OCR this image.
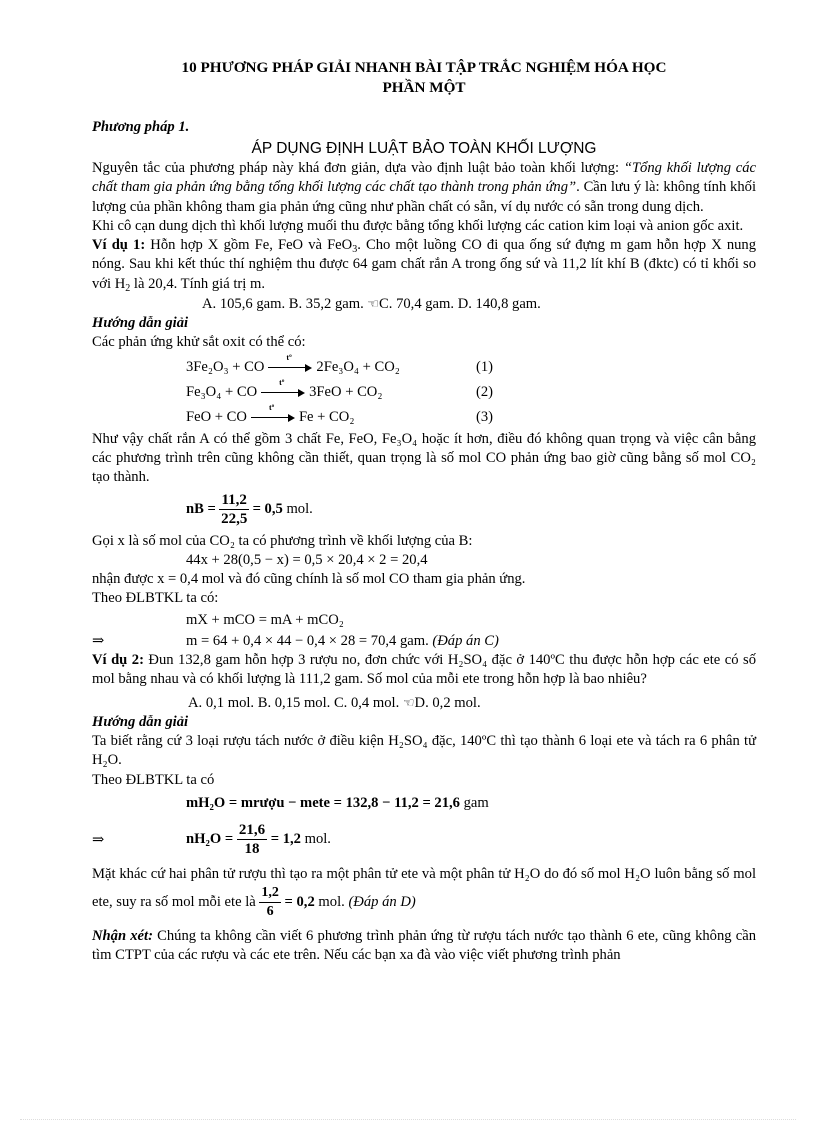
10 PHƯƠNG PHÁP GIẢI NHANH BÀI TẬP TRẮC NGHIỆM HÓA HỌC
PHẦN MỘT
Phương pháp 1.
ÁP DỤNG ĐỊNH LUẬT BẢO TOÀN KHỐI LƯỢNG
Nguyên tắc của phương pháp này khá đơn giản, dựa vào định luật bảo toàn khối lượng: “Tổng khối lượng các chất tham gia phản ứng bằng tổng khối lượng các chất tạo thành trong phản ứng”. Cần lưu ý là: không tính khối lượng của phần không tham gia phản ứng cũng như phần chất có sẵn, ví dụ nước có sẵn trong dung dịch.
Khi cô cạn dung dịch thì khối lượng muối thu được bằng tổng khối lượng các cation kim loại và anion gốc axit.
Ví dụ 1: Hỗn hợp X gồm Fe, FeO và FeO$_3$. Cho một luồng CO đi qua ống sứ đựng m gam hỗn hợp X nung nóng. Sau khi kết thúc thí nghiệm thu được 64 gam chất rắn A trong ống sứ và 11,2 lít khí B (đktc) có tỉ khối so với $H_2$ là 20,4. Tính giá trị m.
A. 105,6 gam. B. 35,2 gam. ☜C. 70,4 gam. D. 140,8 gam.
Hướng dẫn giải
Các phản ứng khử sắt oxit có thể có:
3Fe₂O₃ + CO
tº
2Fe₃O₄ + CO₂	(1)
Fe₃O₄ + CO
tº
3FeO + CO₂	(2)
FeO + CO
tº
Fe + CO₂	(3)
Như vậy chất rắn A có thể gồm 3 chất Fe, FeO, Fe₃O₄ hoặc ít hơn, điều đó không quan trọng và việc cân bằng các phương trình trên cũng không cần thiết, quan trọng là số mol CO phản ứng bao giờ cũng bằng số mol CO₂ tạo thành.
nB =
$\frac{11,2}{22,5}$
= 0,5
mol.
Gọi x là số mol của CO₂ ta có phương trình về khối lượng của B:
44x + 28(0,5 − x) = 0,5 × 20,4 × 2 = 20,4
nhận được x = 0,4 mol và đó cũng chính là số mol CO tham gia phản ứng.
Theo ĐLBTKL ta có:
mX + mCO = mA + mCO₂
⇒	m = 64 + 0,4 × 44 − 0,4 × 28 = 70,4 gam. (Đáp án C)
Ví dụ 2: Đun 132,8 gam hỗn hợp 3 rượu no, đơn chức với H₂SO₄ đặc ở 140ºC thu được hỗn hợp các ete có số mol bằng nhau và có khối lượng là 111,2 gam. Số mol của mỗi ete trong hỗn hợp là bao nhiêu?
A. 0,1 mol. B. 0,15 mol. C. 0,4 mol. ☜D. 0,2 mol.
Hướng dẫn giải
Ta biết rằng cứ 3 loại rượu tách nước ở điều kiện H₂SO₄ đặc, 140ºC thì tạo thành 6 loại ete và tách ra 6 phân tử H₂O.
Theo ĐLBTKL ta có
mH₂O = mrượu − mete = 132,8 − 11,2 = 21,6
gam
⇒	nH₂O =
$\frac{21,6}{18}$
= 1,2
mol.
Mặt khác cứ hai phân tử rượu thì tạo ra một phân tử ete và một phân tử H₂O do đó số mol H₂O luôn bằng số mol ete, suy ra số mol mỗi ete là $\frac{1,2}{6} = 0,2$ mol. (Đáp án D)
Nhận xét: Chúng ta không cần viết 6 phương trình phản ứng từ rượu tách nước tạo thành 6 ete, cũng không cần tìm CTPT của các rượu và các ete trên. Nếu các bạn xa đà vào việc viết phương trình phản
